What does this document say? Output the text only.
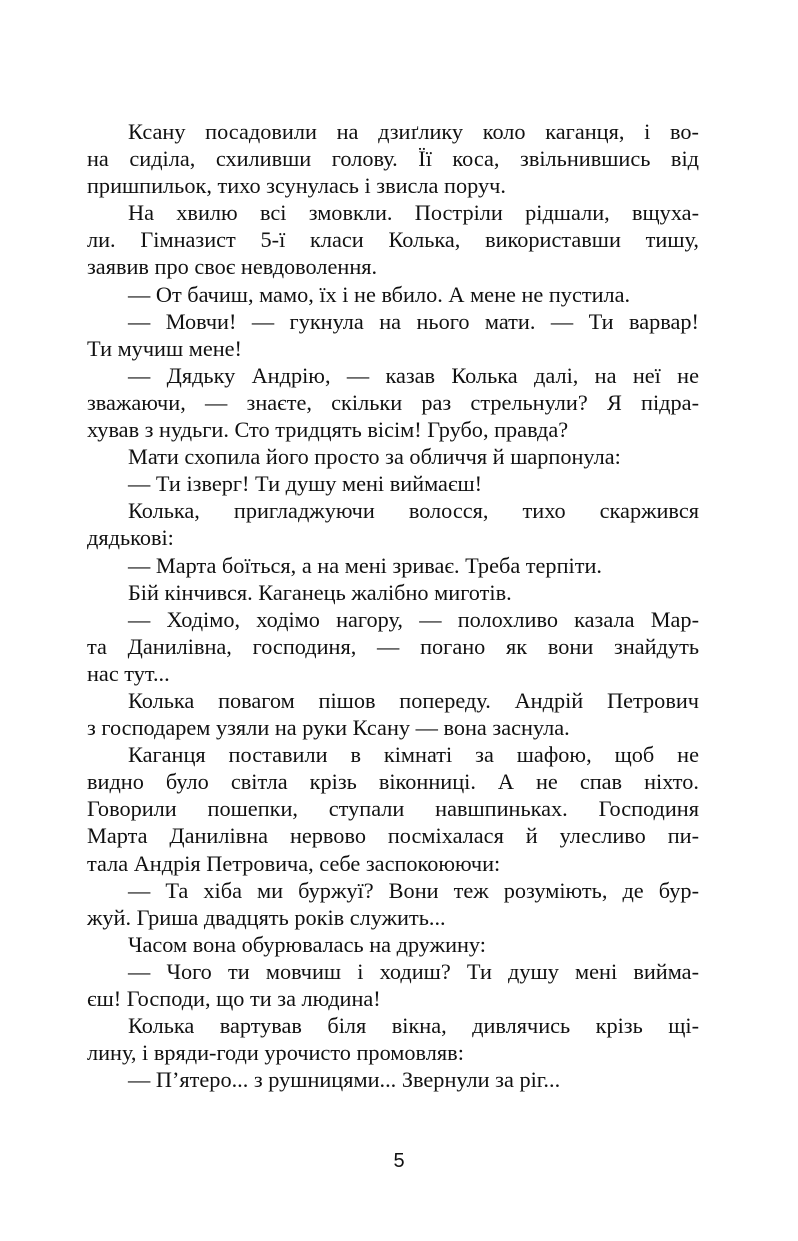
Ксану посадовили на дзиґлику коло каганця, і во-
на сиділа, схиливши голову. Її коса, звільнившись від
пришпильок, тихо зсунулась і звисла поруч.
На хвилю всі змовкли. Постріли рідшали, вщуха-
ли. Гімназист 5-ї класи Колька, використавши тишу,
заявив про своє невдоволення.
— От бачиш, мамо, їх і не вбило. А мене не пустила.
— Мовчи! — гукнула на нього мати. — Ти варвар!
Ти мучиш мене!
— Дядьку Андрію, — казав Колька далі, на неї не
зважаючи, — знаєте, скільки раз стрельнули? Я підра-
хував з нудьги. Сто тридцять вісім! Грубо, правда?
Мати схопила його просто за обличчя й шарпонула:
— Ти ізверг! Ти душу мені виймаєш!
Колька, пригладжуючи волосся, тихо скаржився
дядькові:
— Марта боїться, а на мені зриває. Треба терпіти.
Бій кінчився. Каганець жалібно миготів.
— Ходімо, ходімо нагору, — полохливо казала Мар-
та Данилівна, господиня, — погано як вони знайдуть
нас тут...
Колька повагом пішов попереду. Андрій Петрович
з господарем узяли на руки Ксану — вона заснула.
Каганця поставили в кімнаті за шафою, щоб не
видно було світла крізь віконниці. А не спав ніхто.
Говорили пошепки, ступали навшпиньках. Господиня
Марта Данилівна нервово посміхалася й улесливо пи-
тала Андрія Петровича, себе заспокоюючи:
— Та хіба ми буржуї? Вони теж розуміють, де бур-
жуй. Гриша двадцять років служить...
Часом вона обурювалась на дружину:
— Чого ти мовчиш і ходиш? Ти душу мені вийма-
єш! Господи, що ти за людина!
Колька вартував біля вікна, дивлячись крізь щі-
лину, і вряди-годи урочисто промовляв:
— П’ятеро... з рушницями... Звернули за ріг...
5
